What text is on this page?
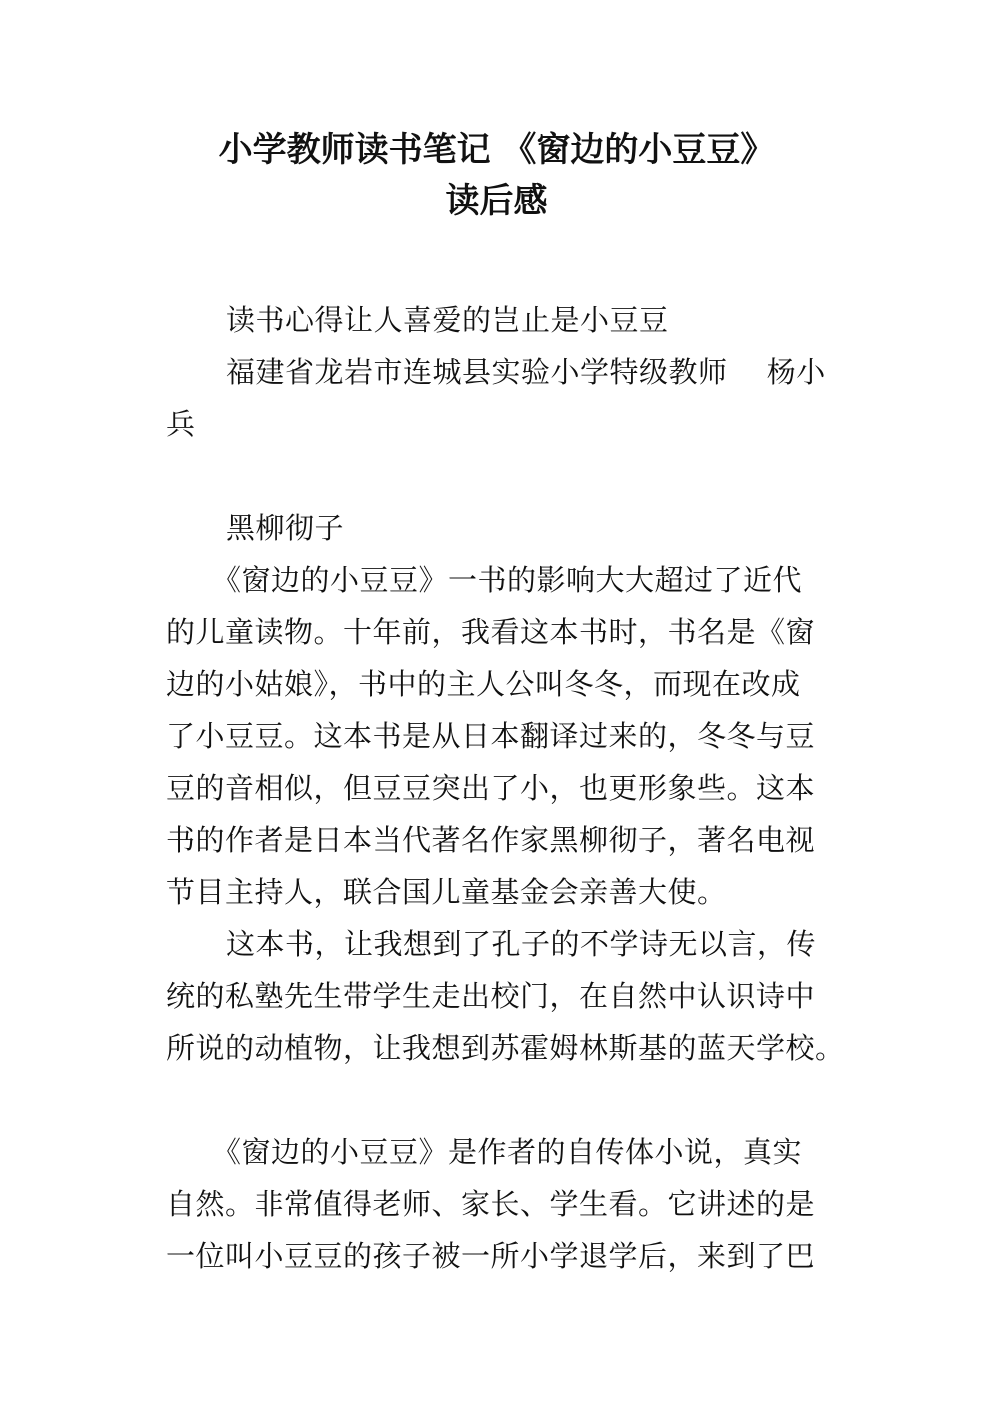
小学教师读书笔记 《窗边的小豆豆》
读后感
读书心得让人喜爱的岂止是小豆豆
福建省龙岩市连城县实验小学特级教师　 杨小
兵
黑柳彻子
《窗边的小豆豆》一书的影响大大超过了近代
的儿童读物。十年前，我看这本书时，书名是《窗
边的小姑娘》，书中的主人公叫冬冬，而现在改成
了小豆豆。这本书是从日本翻译过来的，冬冬与豆
豆的音相似，但豆豆突出了小，也更形象些。这本
书的作者是日本当代著名作家黑柳彻子，著名电视
节目主持人，联合国儿童基金会亲善大使。
这本书，让我想到了孔子的不学诗无以言，传
统的私塾先生带学生走出校门，在自然中认识诗中
所说的动植物，让我想到苏霍姆林斯基的蓝天学校。
《窗边的小豆豆》是作者的自传体小说，真实
自然。非常值得老师、家长、学生看。它讲述的是
一位叫小豆豆的孩子被一所小学退学后，来到了巴
